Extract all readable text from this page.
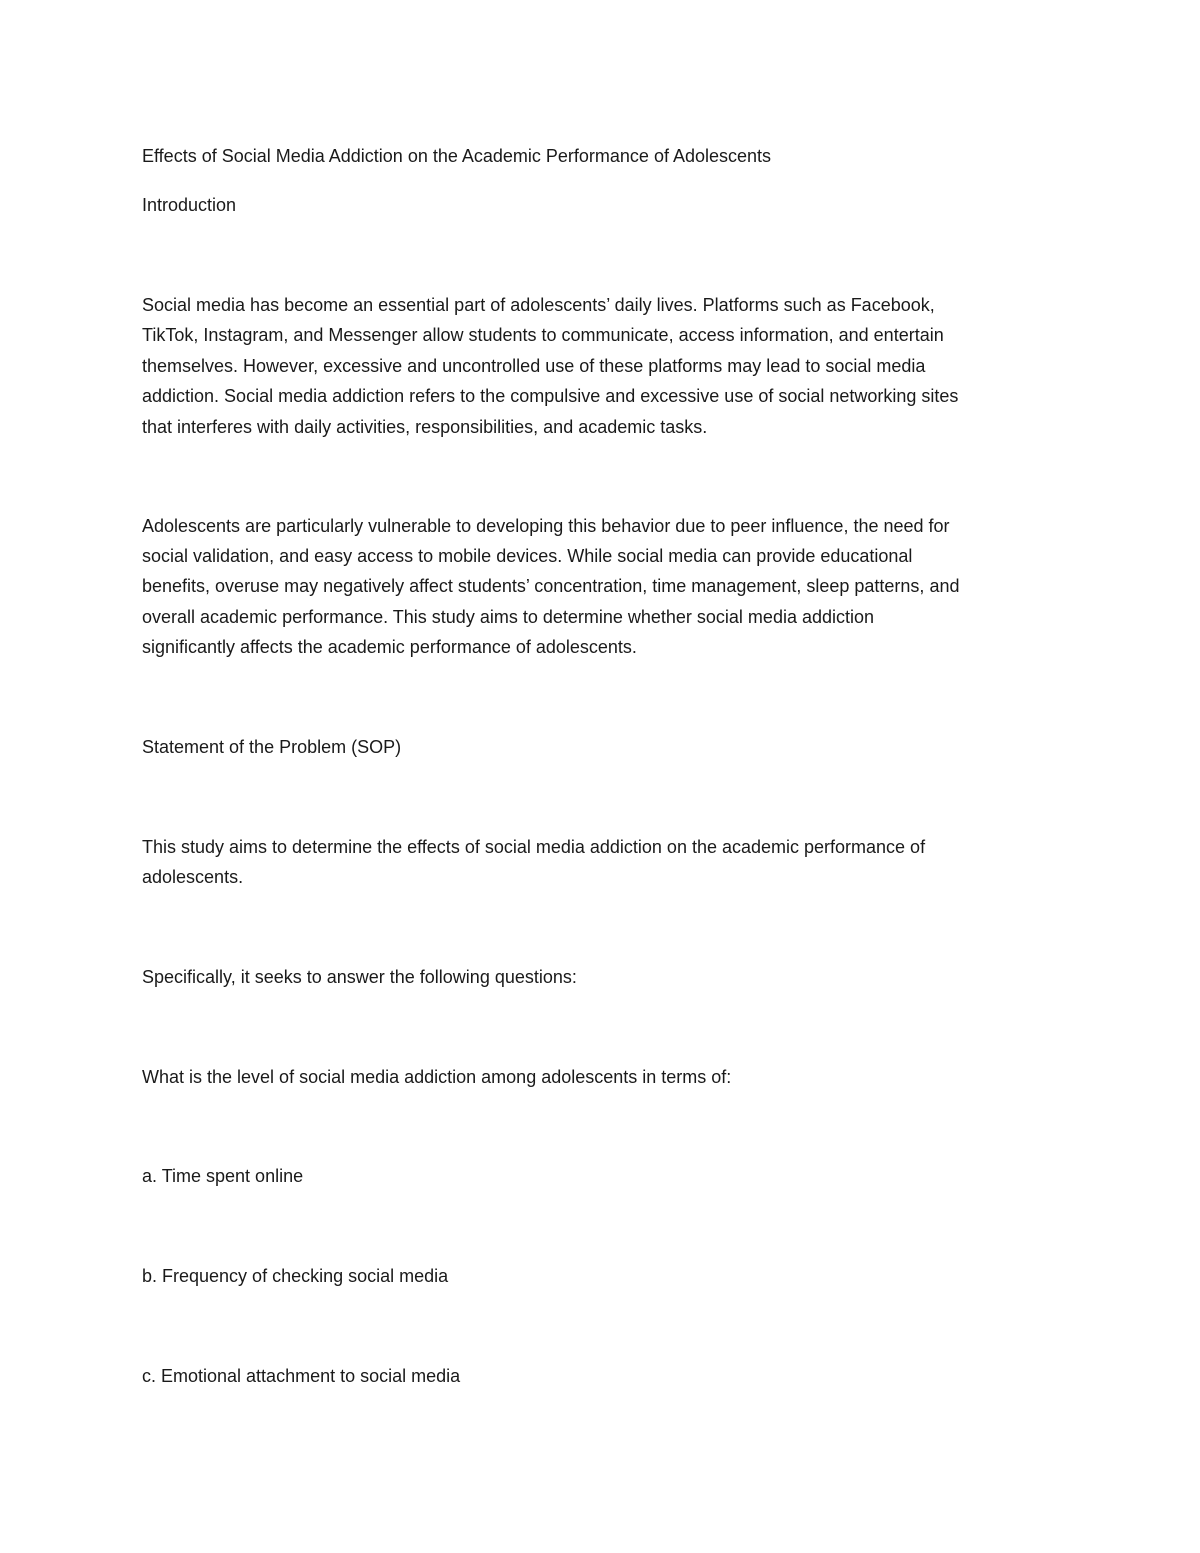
Effects of Social Media Addiction on the Academic Performance of Adolescents

Introduction

Social media has become an essential part of adolescents’ daily lives. Platforms such as Facebook,

TikTok, Instagram, and Messenger allow students to communicate, access information, and entertain

themselves. However, excessive and uncontrolled use of these platforms may lead to social media

addiction. Social media addiction refers to the compulsive and excessive use of social networking sites

that interferes with daily activities, responsibilities, and academic tasks.

Adolescents are particularly vulnerable to developing this behavior due to peer influence, the need for

social validation, and easy access to mobile devices. While social media can provide educational

benefits, overuse may negatively affect students’ concentration, time management, sleep patterns, and

overall academic performance. This study aims to determine whether social media addiction

significantly affects the academic performance of adolescents.

Statement of the Problem (SOP)

This study aims to determine the effects of social media addiction on the academic performance of

adolescents.

Specifically, it seeks to answer the following questions:

What is the level of social media addiction among adolescents in terms of:

a. Time spent online

b. Frequency of checking social media

c. Emotional attachment to social media
